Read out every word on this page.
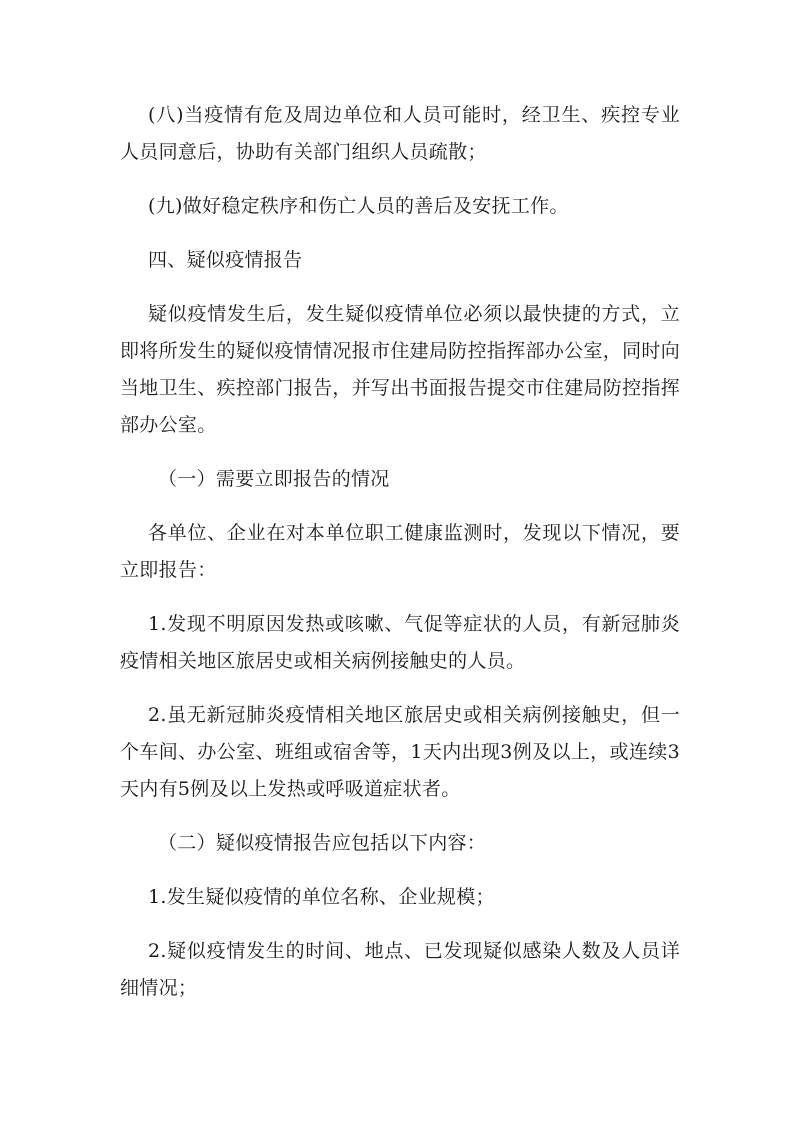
(八)当疫情有危及周边单位和人员可能时，经卫生、疾控专业人员同意后，协助有关部门组织人员疏散；

(九)做好稳定秩序和伤亡人员的善后及安抚工作。

四、疑似疫情报告

疑似疫情发生后，发生疑似疫情单位必须以最快捷的方式，立即将所发生的疑似疫情情况报市住建局防控指挥部办公室，同时向当地卫生、疾控部门报告，并写出书面报告提交市住建局防控指挥部办公室。

（一）需要立即报告的情况

各单位、企业在对本单位职工健康监测时，发现以下情况，要立即报告：

1.发现不明原因发热或咳嗽、气促等症状的人员，有新冠肺炎疫情相关地区旅居史或相关病例接触史的人员。

2.虽无新冠肺炎疫情相关地区旅居史或相关病例接触史，但一个车间、办公室、班组或宿舍等，1天内出现3例及以上，或连续3天内有5例及以上发热或呼吸道症状者。

（二）疑似疫情报告应包括以下内容：

1.发生疑似疫情的单位名称、企业规模；

2.疑似疫情发生的时间、地点、已发现疑似感染人数及人员详细情况；
